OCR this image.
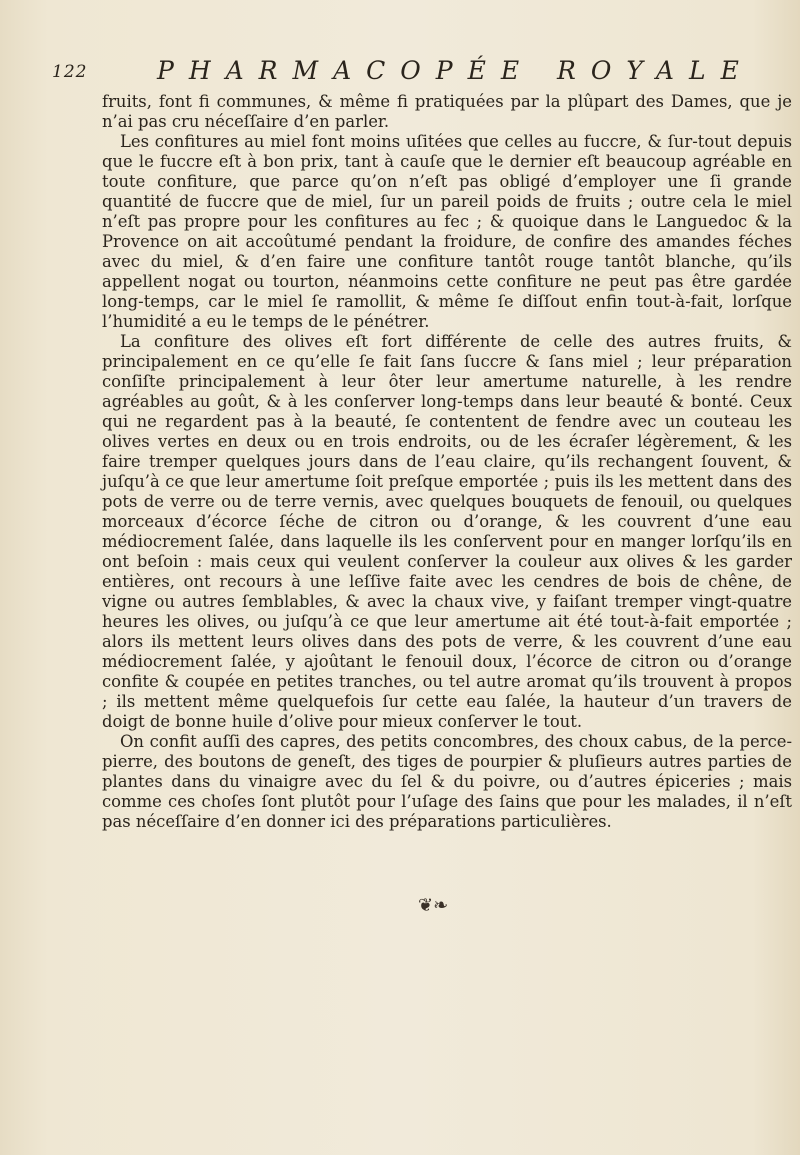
122	PHARMACOPÉE ROYALE

fruits, font fi communes, & même fi pratiquées par la plûpart des Dames, que je n’ai pas cru néceſſaire d’en parler.

Les confitures au miel font moins uſitées que celles au fuccre, & ſur-tout depuis que le fuccre eſt à bon prix, tant à cauſe que le dernier eſt beaucoup agréable en toute confiture, que parce qu’on n’eſt pas obligé d’employer une ſi grande quantité de fuccre que de miel, ſur un pareil poids de fruits ; outre cela le miel n’eſt pas propre pour les confitures au fec ; & quoique dans le Languedoc & la Provence on ait accoûtumé pendant la froidure, de confire des amandes féches avec du miel, & d’en faire une confiture tantôt rouge tantôt blanche, qu’ils appellent nogat ou tourton, néanmoins cette confiture ne peut pas être gardée long-temps, car le miel ſe ramollit, & même ſe diſſout enfin tout-à-fait, lorſque l’humidité a eu le temps de le pénétrer.

La confiture des olives eſt fort différente de celle des autres fruits, & principalement en ce qu’elle ſe fait ſans ſuccre & ſans miel ; leur préparation conſiſte principalement à leur ôter leur amertume naturelle, à les rendre agréables au goût, & à les conſerver long-temps dans leur beauté & bonté. Ceux qui ne regardent pas à la beauté, ſe contentent de fendre avec un couteau les olives vertes en deux ou en trois endroits, ou de les écraſer légèrement, & les faire tremper quelques jours dans de l’eau claire, qu’ils rechangent ſouvent, & juſqu’à ce que leur amertume ſoit preſque emportée ; puis ils les mettent dans des pots de verre ou de terre vernis, avec quelques bouquets de fenouil, ou quelques morceaux d’écorce ſéche de citron ou d’orange, & les couvrent d’une eau médiocrement ſalée, dans laquelle ils les conſervent pour en manger lorſqu’ils en ont beſoin : mais ceux qui veulent conſerver la couleur aux olives & les garder entières, ont recours à une leſſive faite avec les cendres de bois de chêne, de vigne ou autres ſemblables, & avec la chaux vive, y faiſant tremper vingt-quatre heures les olives, ou juſqu’à ce que leur amertume ait été tout-à-fait emportée ; alors ils mettent leurs olives dans des pots de verre, & les couvrent d’une eau médiocrement ſalée, y ajoûtant le fenouil doux, l’écorce de citron ou d’orange confite & coupée en petites tranches, ou tel autre aromat qu’ils trouvent à propos ; ils mettent même quelquefois ſur cette eau ſalée, la hauteur d’un travers de doigt de bonne huile d’olive pour mieux conſerver le tout.

On confit auſſi des capres, des petits concombres, des choux cabus, de la perce-pierre, des boutons de geneſt, des tiges de pourpier & pluſieurs autres parties de plantes dans du vinaigre avec du ſel & du poivre, ou d’autres épiceries ; mais comme ces choſes ſont plutôt pour l’uſage des ſains que pour les malades, il n’eſt pas néceſſaire d’en donner ici des préparations particulières.

❦❧
